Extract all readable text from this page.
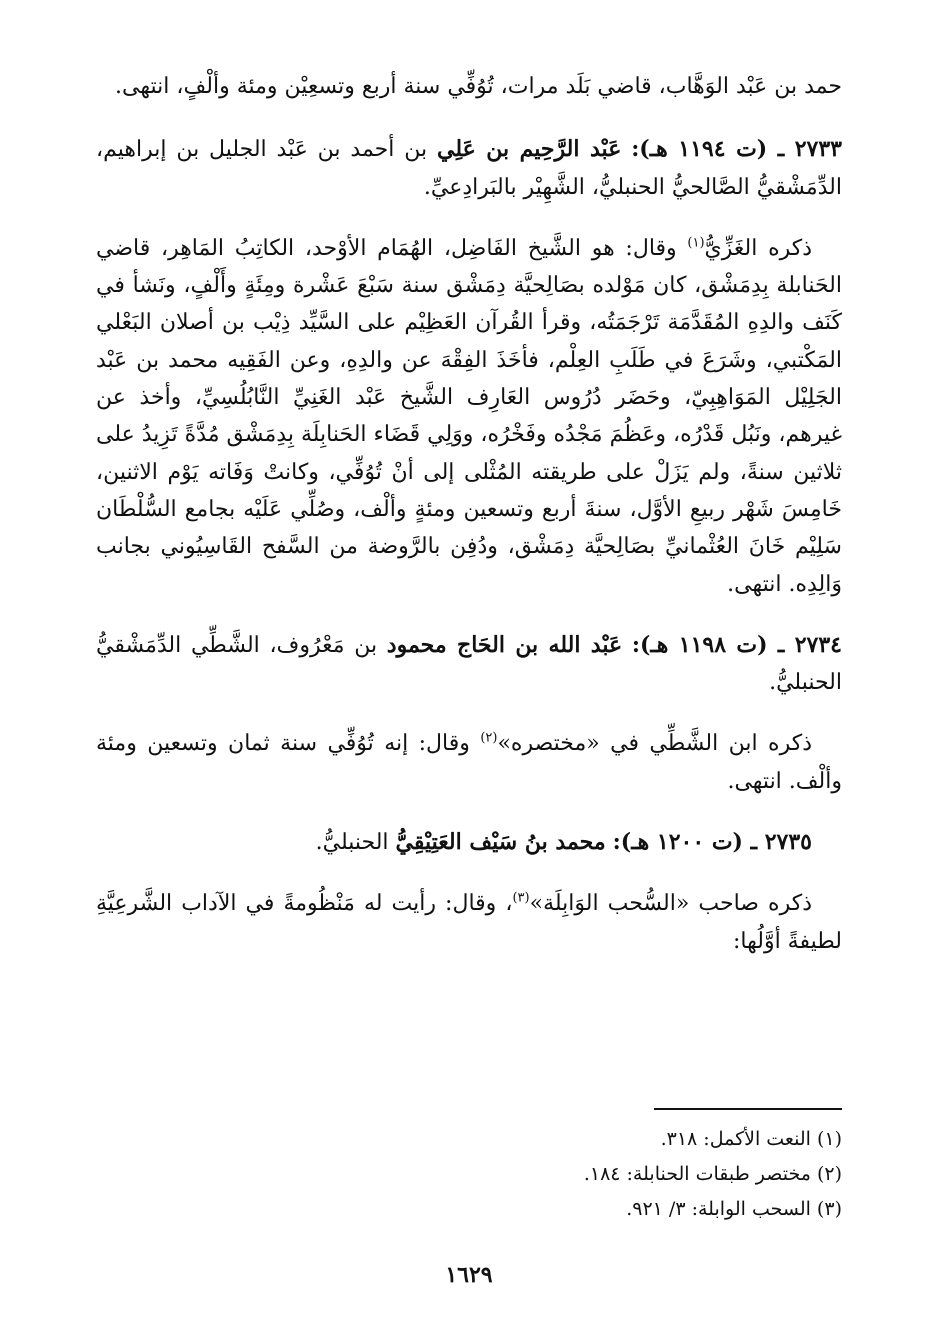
حمد بن عَبْد الوَهَّاب، قاضي بَلَد مرات، تُوُفِّي سنة أربع وتسعِيْن ومئة وألْفٍ، انتهى.

٢٧٣٣ ـ (ت ١١٩٤ هـ): عَبْد الرَّحِيم بن عَلِي بن أحمد بن عَبْد الجليل بن إبراهيم، الدِّمَشْقيُّ الصَّالحيُّ الحنبليُّ، الشَّهِيْر بالبَرادِعيِّ.

ذكره الغَزِّيُّ$^{(١)}$ وقال: هو الشَّيخ الفَاضِل، الهُمَام الأوْحد، الكاتِبُ المَاهِر، قاضي الحَنابلة بِدِمَشْق، كان مَوْلده بصَالِحيَّة دِمَشْق سنة سَبْعَ عَشْرة ومِئَةٍ وأَلْفٍ، ونَشأ في كَنَف والدِهِ المُقَدَّمَة تَرْجَمَتُه، وقرأ القُرآن العَظِيْم على السَّيِّد ذِيْب بن أصلان البَعْلي المَكْتبي، وشَرَعَ في طَلَبِ العِلْم، فأخَذَ الفِقْهَ عن والدِهِ، وعن الفَقِيه محمد بن عَبْد الجَلِيْل المَوَاهِبِيّ، وحَضَر دُرُوس العَارِف الشَّيخ عَبْد الغَنِيِّ النَّابُلُسِيِّ، وأخذ عن غيرهم، ونَبُل قَدْرُه، وعَظُمَ مَجْدُه وفَخْرُه، ووَلِي قَضَاء الحَنابِلَة بِدِمَشْق مُدَّةً تَزِيدُ على ثلاثين سنةً، ولم يَزَلْ على طريقته المُثْلى إلى أنْ تُوُفِّي، وكانتْ وَفَاته يَوْم الاثنين، خَامِسَ شَهْر ربيعِ الأوَّل، سنةَ أربع وتسعين ومئةٍ وألْف، وصُلِّي عَلَيْه بجامع السُّلْطَان سَلِيْم خَانَ العُثْمانيِّ بصَالِحيَّة دِمَشْق، ودُفِن بالرَّوضة من السَّفح القَاسِيُوني بجانب وَالِدِه. انتهى.

٢٧٣٤ ـ (ت ١١٩٨ هـ): عَبْد الله بن الحَاج محمود بن مَعْرُوف، الشَّطِّي الدِّمَشْقيُّ الحنبليُّ.

ذكره ابن الشَّطِّي في «مختصره»$^{(٢)}$ وقال: إنه تُوُفِّي سنة ثمان وتسعين ومئة وألْف. انتهى.

٢٧٣٥ ـ (ت ١٢٠٠ هـ): محمد بنُ سَيْف العَتِيْقِيُّ الحنبليُّ.

ذكره صاحب «السُّحب الوَابِلَة»$^{(٣)}$، وقال: رأيت له مَنْظُومةً في الآداب الشَّرعِيَّةِ لطيفةً أوَّلُها:

(١) النعت الأكمل: ٣١٨.
(٢) مختصر طبقات الحنابلة: ١٨٤.
(٣) السحب الوابلة: ٣/ ٩٢١.
١٦٢٩
